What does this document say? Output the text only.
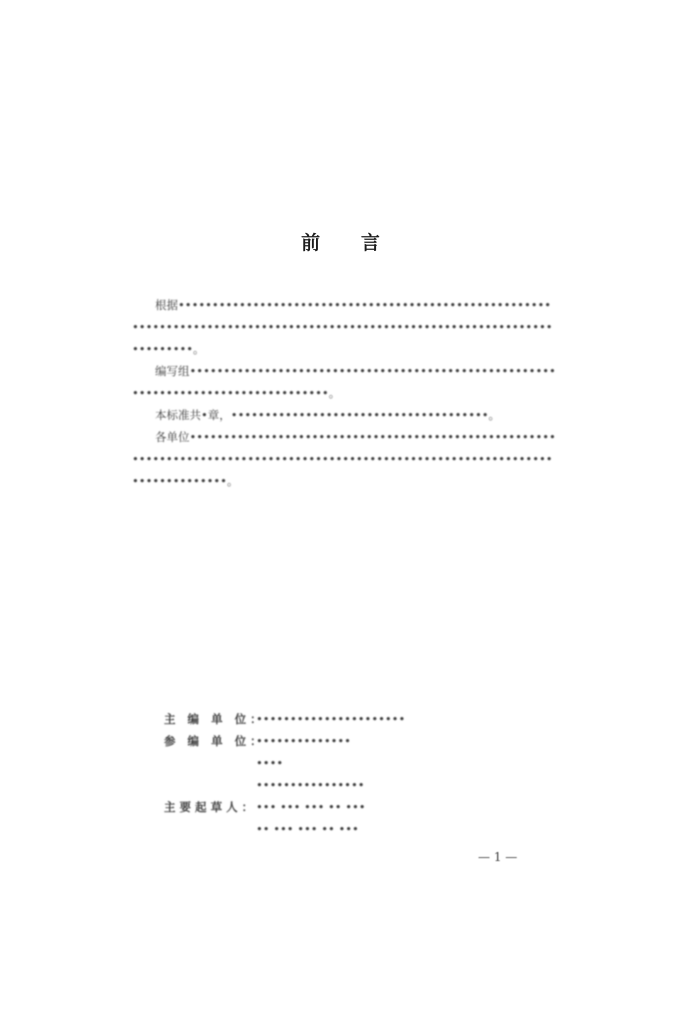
前 言

根据••••••••••••••••••••••••••••••••••••••••••••••••••••••••••••••••••••••••••••••••••••••••••••••••••••••••••••••••••••••••••••••。

编写组•••••••••••••••••••••••••••••••••••••••••••••••••••••••••••••••••••••••••••••••••••。

本标准共•章，••••••••••••••••••••••••••••••••••••••。

各单位••••••••••••••••••••••••••••••••••••••••••••••••••••••••••••••••••••••••••••••••••••••••••••••••••••••••••••••••••••••••••••••••••。

主 编 单 位：
••••••••••••••••••••••
参 编 单 位：
••••••••••••••
••••
••••••••••••••••
主要起草人：
••• ••• ••• •• •••
•• ••• ••• •• •••
— 1 —
